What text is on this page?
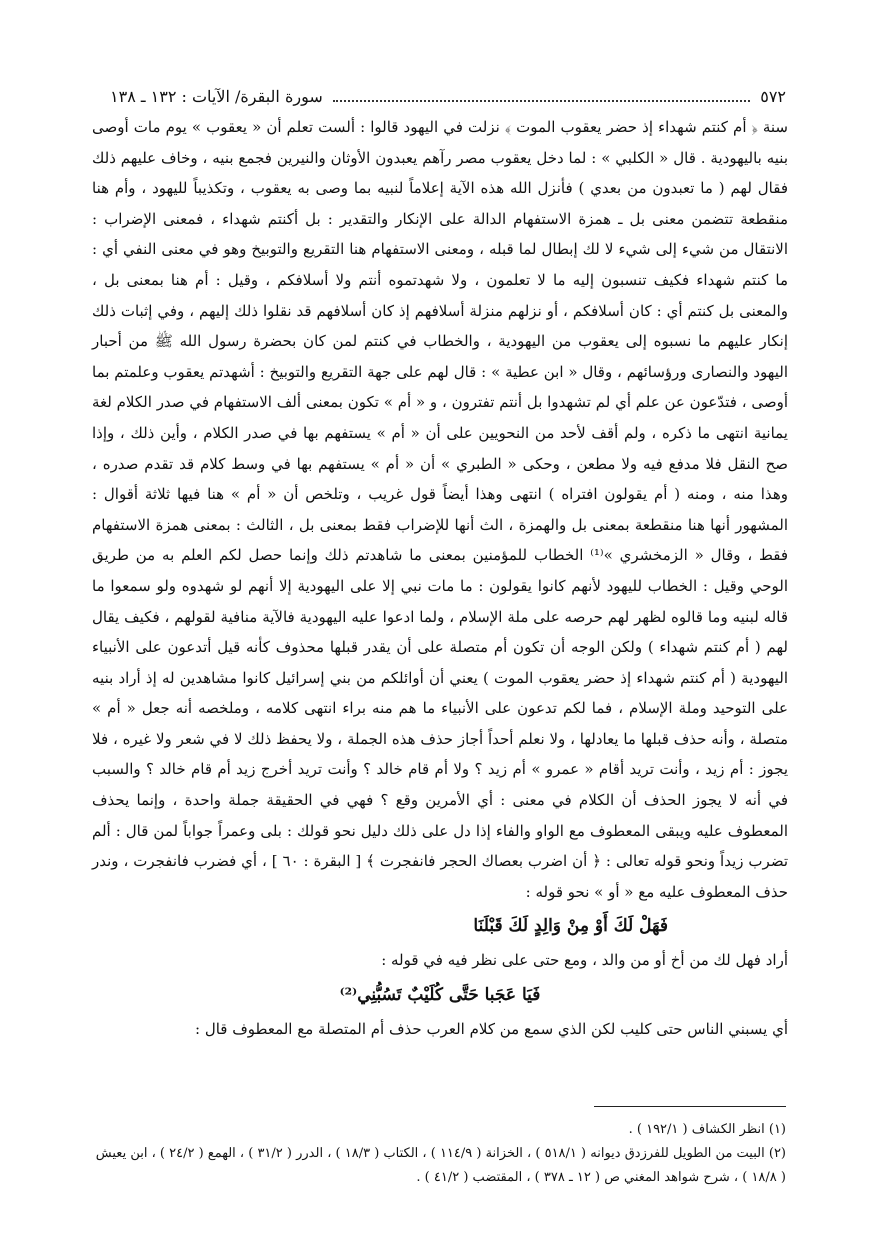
٥٧٢
سورة البقرة/ الآيات : ١٣٢ ـ ١٣٨

سنة ﴿ أم كنتم شهداء إذ حضر يعقوب الموت ﴾ نزلت في اليهود قالوا : ألست تعلم أن « يعقوب » يوم مات أوصى بنيه باليهودية . قال « الكلبي » : لما دخل يعقوب مصر رآهم يعبدون الأوثان والنيرين فجمع بنيه ، وخاف عليهم ذلك فقال لهم ( ما تعبدون من بعدي ) فأنزل الله هذه الآية إعلاماً لنبيه بما وصى به يعقوب ، وتكذيباً لليهود ، وأم هنا منقطعة تتضمن معنى بل ـ همزة الاستفهام الدالة على الإنكار والتقدير : بل أكنتم شهداء ، فمعنى الإضراب : الانتقال من شيء إلى شيء لا لك إبطال لما قبله ، ومعنى الاستفهام هنا التقريع والتوبيخ وهو في معنى النفي أي : ما كنتم شهداء فكيف تنسبون إليه ما لا تعلمون ، ولا شهدتموه أنتم ولا أسلافكم ، وقيل : أم هنا بمعنى بل ، والمعنى بل كنتم أي : كان أسلافكم ، أو نزلهم منزلة أسلافهم إذ كان أسلافهم قد نقلوا ذلك إليهم ، وفي إثبات ذلك إنكار عليهم ما نسبوه إلى يعقوب من اليهودية ، والخطاب في كنتم لمن كان بحضرة رسول الله ﷺ من أحبار اليهود والنصارى ورؤسائهم ، وقال « ابن عطية » : قال لهم على جهة التقريع والتوبيخ : أشهدتم يعقوب وعلمتم بما أوصى ، فتدّعون عن علم أي لم تشهدوا بل أنتم تفترون ، و « أم » تكون بمعنى ألف الاستفهام في صدر الكلام لغة يمانية انتهى ما ذكره ، ولم أقف لأحد من النحويين على أن « أم » يستفهم بها في صدر الكلام ، وأين ذلك ، وإذا صح النقل فلا مدفع فيه ولا مطعن ، وحكى « الطبري » أن « أم » يستفهم بها في وسط كلام قد تقدم صدره ، وهذا منه ، ومنه ( أم يقولون افتراه ) انتهى وهذا أيضاً قول غريب ، وتلخص أن « أم » هنا فيها ثلاثة أقوال : المشهور أنها هنا منقطعة بمعنى بل والهمزة ، الث أنها للإضراب فقط بمعنى بل ، الثالث : بمعنى همزة الاستفهام فقط ، وقال « الزمخشري »⁽¹⁾ الخطاب للمؤمنين بمعنى ما شاهدتم ذلك وإنما حصل لكم العلم به من طريق الوحي وقيل : الخطاب لليهود لأنهم كانوا يقولون : ما مات نبي إلا على اليهودية إلا أنهم لو شهدوه ولو سمعوا ما قاله لبنيه وما قالوه لظهر لهم حرصه على ملة الإسلام ، ولما ادعوا عليه اليهودية فالآية منافية لقولهم ، فكيف يقال لهم ( أم كنتم شهداء ) ولكن الوجه أن تكون أم متصلة على أن يقدر قبلها محذوف كأنه قيل أتدعون على الأنبياء اليهودية ( أم كنتم شهداء إذ حضر يعقوب الموت ) يعني أن أوائلكم من بني إسرائيل كانوا مشاهدين له إذ أراد بنيه على التوحيد وملة الإسلام ، فما لكم تدعون على الأنبياء ما هم منه براء انتهى كلامه ، وملخصه أنه جعل « أم » متصلة ، وأنه حذف قبلها ما يعادلها ، ولا نعلم أحداً أجاز حذف هذه الجملة ، ولا يحفظ ذلك لا في شعر ولا غيره ، فلا يجوز : أم زيد ، وأنت تريد أقام « عمرو » أم زيد ؟ ولا أم قام خالد ؟ وأنت تريد أخرج زيد أم قام خالد ؟ والسبب في أنه لا يجوز الحذف أن الكلام في معنى : أي الأمرين وقع ؟ فهي في الحقيقة جملة واحدة ، وإنما يحذف المعطوف عليه ويبقى المعطوف مع الواو والفاء إذا دل على ذلك دليل نحو قولك : بلى وعمراً جواباً لمن قال : ألم تضرب زيداً ونحو قوله تعالى : ﴿ أن اضرب بعصاك الحجر فانفجرت ﴾ [ البقرة : ٦٠ ] ، أي فضرب فانفجرت ، وندر حذف المعطوف عليه مع « أو » نحو قوله :

فَهَلْ لَكَ أَوْ مِنْ وَالِدٍ لَكَ قَبْلَنَا

أراد فهل لك من أخ أو من والد ، ومع حتى على نظر فيه في قوله :

فَيَا عَجَبا حَتَّى كُلَيْبٌ تَسُبُّنِي⁽²⁾

أي يسبني الناس حتى كليب لكن الذي سمع من كلام العرب حذف أم المتصلة مع المعطوف قال :

(١) انظر الكشاف ( ١٩٢/١ ) .

(٢) البيت من الطويل للفرزدق ديوانه ( ٥١٨/١ ) ، الخزانة ( ١١٤/٩ ) ، الكتاب ( ١٨/٣ ) ، الدرر ( ٣١/٢ ) ، الهمع ( ٢٤/٢ ) ، ابن يعيش ( ١٨/٨ ) ، شرح شواهد المغني ص ( ١٢ ـ ٣٧٨ ) ، المقتضب ( ٤١/٢ ) .
